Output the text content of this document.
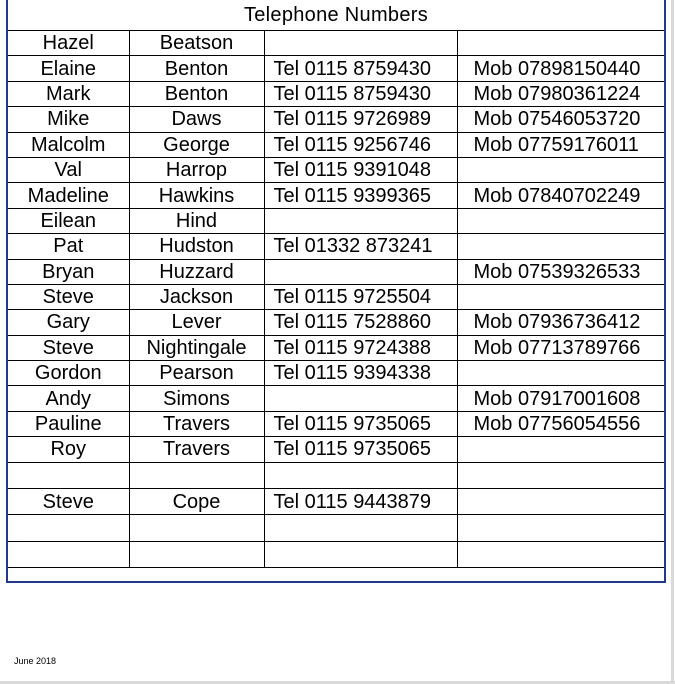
Telephone Numbers
Hazel	Beatson		
Elaine	Benton	Tel 0115 8759430	Mob 07898150440
Mark	Benton	Tel 0115 8759430	Mob 07980361224
Mike	Daws	Tel 0115 9726989	Mob 07546053720
Malcolm	George	Tel 0115 9256746	Mob 07759176011
Val	Harrop	Tel 0115 9391048	
Madeline	Hawkins	Tel 0115 9399365	Mob 07840702249
Eilean	Hind		
Pat	Hudston	Tel 01332 873241	
Bryan	Huzzard		Mob 07539326533
Steve	Jackson	Tel 0115 9725504	
Gary	Lever	Tel 0115 7528860	Mob 07936736412
Steve	Nightingale	Tel 0115 9724388	Mob 07713789766
Gordon	Pearson	Tel 0115 9394338	
Andy	Simons		Mob 07917001608
Pauline	Travers	Tel 0115 9735065	Mob 07756054556
Roy	Travers	Tel 0115 9735065	

Steve	Cope	Tel 0115 9443879	

June 2018
